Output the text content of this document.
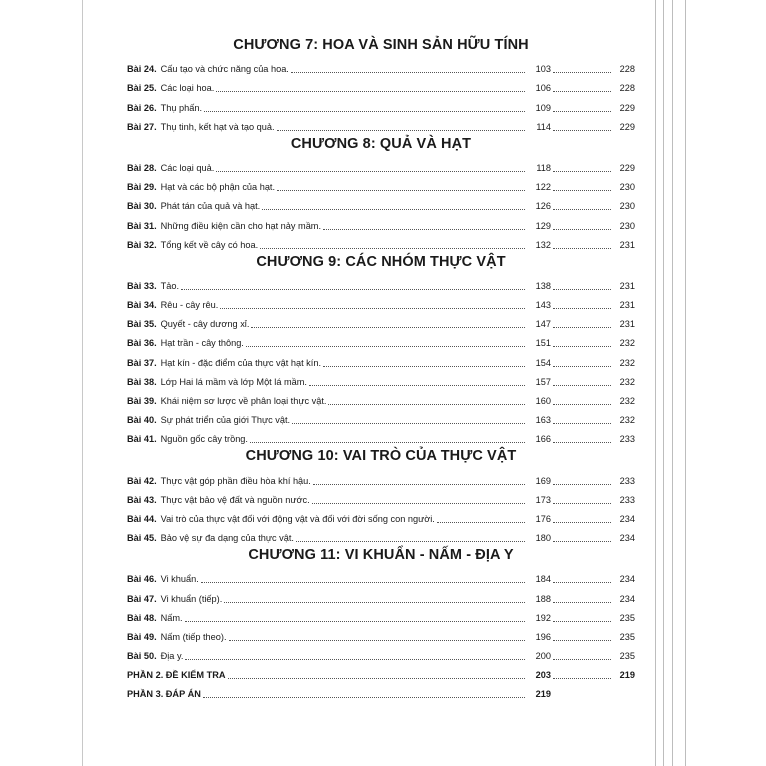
CHƯƠNG 7: HOA VÀ SINH SẢN HỮU TÍNH
Bài 24. Cấu tạo và chức năng của hoa.	103	228
Bài 25. Các loại hoa.	106	228
Bài 26. Thụ phấn.	109	229
Bài 27. Thụ tinh, kết hạt và tạo quả.	114	229
CHƯƠNG 8: QUẢ VÀ HẠT
Bài 28. Các loại quả.	118	229
Bài 29. Hạt và các bộ phận của hạt.	122	230
Bài 30. Phát tán của quả và hạt.	126	230
Bài 31. Những điều kiện cần cho hạt nảy mầm.	129	230
Bài 32. Tổng kết về cây có hoa.	132	231
CHƯƠNG 9: CÁC NHÓM THỰC VẬT
Bài 33. Tảo.	138	231
Bài 34. Rêu - cây rêu.	143	231
Bài 35. Quyết - cây dương xỉ.	147	231
Bài 36. Hạt trần - cây thông.	151	232
Bài 37. Hạt kín - đặc điểm của thực vật hạt kín.	154	232
Bài 38. Lớp Hai lá mầm và lớp Một lá mầm.	157	232
Bài 39. Khái niệm sơ lược về phân loại thực vật.	160	232
Bài 40. Sự phát triển của giới Thực vật.	163	232
Bài 41. Nguồn gốc cây trồng.	166	233
CHƯƠNG 10: VAI TRÒ CỦA THỰC VẬT
Bài 42. Thực vật góp phần điều hòa khí hậu.	169	233
Bài 43. Thực vật bảo vệ đất và nguồn nước.	173	233
Bài 44. Vai trò của thực vật đối với động vật và đối với đời sống con người.	176	234
Bài 45. Bảo vệ sự đa dạng của thực vật.	180	234
CHƯƠNG 11: VI KHUẨN - NẤM - ĐỊA Y
Bài 46. Vi khuẩn.	184	234
Bài 47. Vi khuẩn (tiếp).	188	234
Bài 48. Nấm.	192	235
Bài 49. Nấm (tiếp theo).	196	235
Bài 50. Địa y.	200	235
PHẦN 2. ĐỀ KIỂM TRA	203	219
PHẦN 3. ĐÁP ÁN	219
